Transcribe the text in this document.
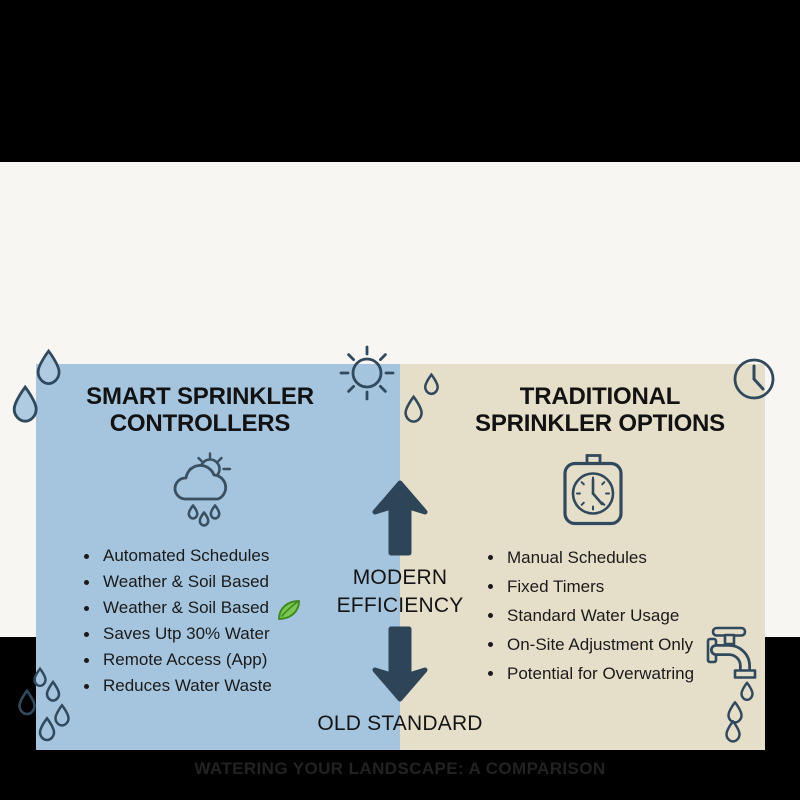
SMART SPRINKLER
CONTROLLERS
TRADITIONAL
SPRINKLER OPTIONS
MODERN
EFFICIENCY
OLD STANDARD
Automated Schedules
Weather & Soil Based
Weather & Soil Based
Saves Utp 30% Water
Remote Access (App)
Reduces Water Waste
Manual Schedules
Fixed Timers
Standard Water Usage
On-Site Adjustment Only
Potential for Overwatring
WATERING YOUR LANDSCAPE: A COMPARISON
